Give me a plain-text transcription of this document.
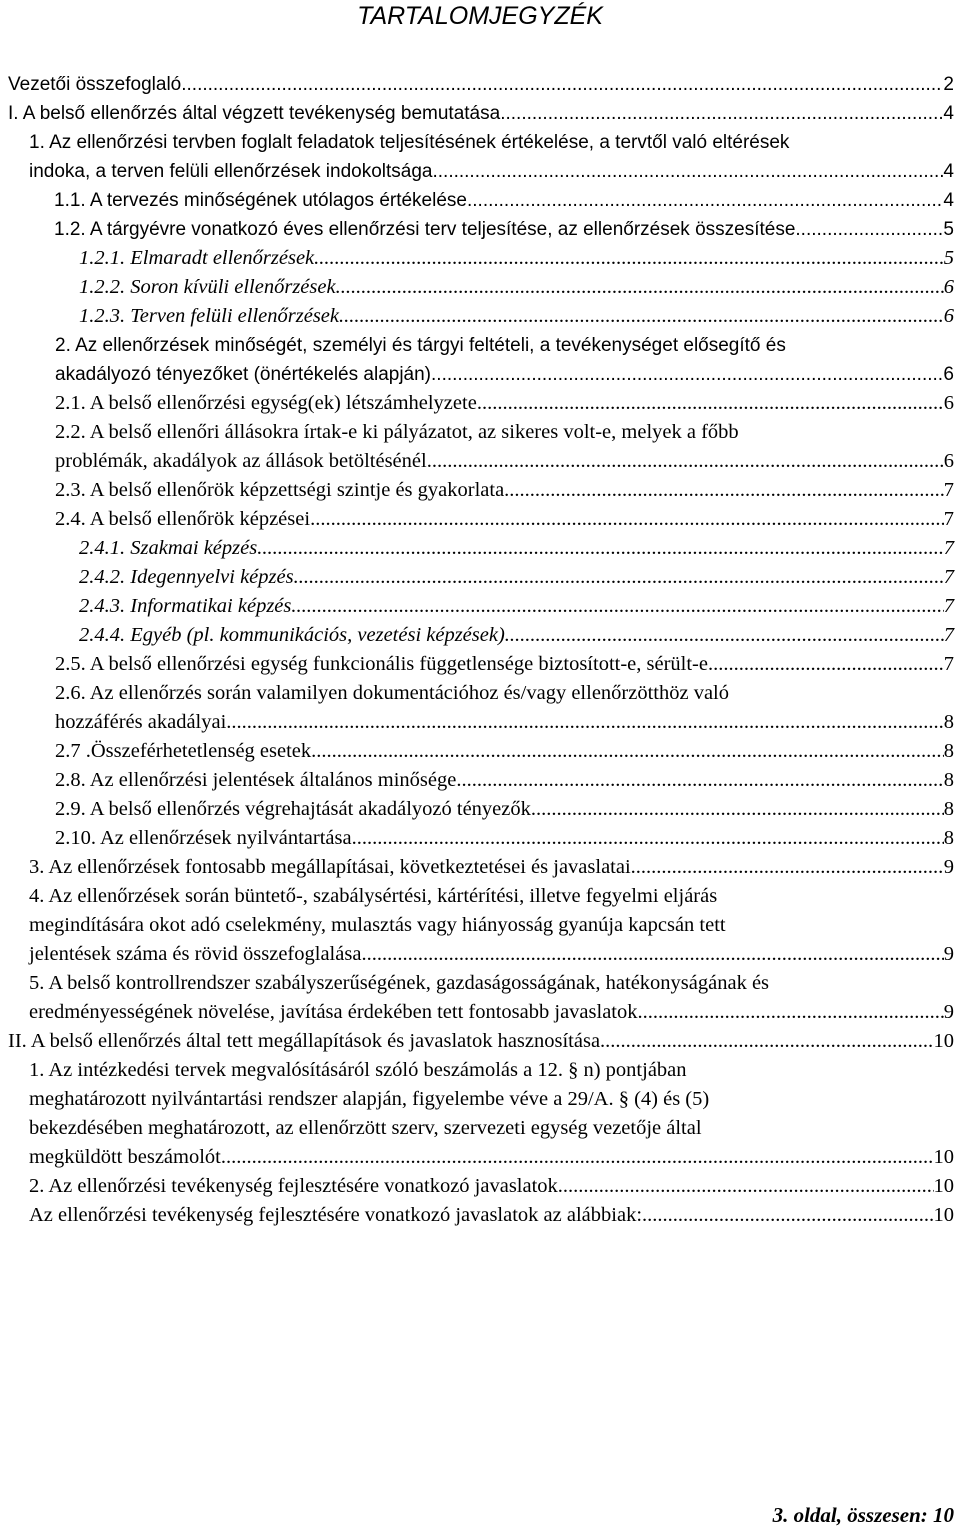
TARTALOMJEGYZÉK
Vezetői összefoglaló .....	2
I. A belső ellenőrzés által végzett tevékenység bemutatása .....	4
1. Az ellenőrzési tervben foglalt feladatok teljesítésének értékelése, a tervtől való eltérések
indoka, a terven felüli ellenőrzések indokoltsága .....	4
1.1. A tervezés minőségének utólagos értékelése .....	4
1.2. A tárgyévre vonatkozó éves ellenőrzési terv teljesítése, az ellenőrzések összesítése .....	5
1.2.1. Elmaradt ellenőrzések .....	5
1.2.2. Soron kívüli ellenőrzések .....	6
1.2.3. Terven felüli ellenőrzések .....	6
2. Az ellenőrzések minőségét, személyi és tárgyi feltételi, a tevékenységet elősegítő és
akadályozó tényezőket (önértékelés alapján) .....	6
2.1. A belső ellenőrzési egység(ek) létszámhelyzete .....	6
2.2. A belső ellenőri állásokra írtak-e ki pályázatot, az sikeres volt-e, melyek a főbb
problémák, akadályok az állások betöltésénél .....	6
2.3. A belső ellenőrök képzettségi szintje és gyakorlata .....	7
2.4. A belső ellenőrök képzései .....	7
2.4.1. Szakmai képzés .....	7
2.4.2. Idegennyelvi képzés .....	7
2.4.3. Informatikai képzés .....	7
2.4.4. Egyéb (pl. kommunikációs, vezetési képzések) .....	7
2.5. A belső ellenőrzési egység funkcionális függetlensége biztosított-e, sérült-e .....	7
2.6. Az ellenőrzés során valamilyen dokumentációhoz és/vagy ellenőrzötthöz való
hozzáférés akadályai .....	8
2.7 .Összeférhetetlenség esetek .....	8
2.8. Az ellenőrzési jelentések általános minősége .....	8
2.9. A belső ellenőrzés végrehajtását akadályozó tényezők .....	8
2.10. Az ellenőrzések nyilvántartása .....	8
3. Az ellenőrzések fontosabb megállapításai, következtetései és javaslatai .....	9
4. Az ellenőrzések során büntető-, szabálysértési, kártérítési, illetve fegyelmi eljárás
megindítására okot adó cselekmény, mulasztás vagy hiányosság gyanúja kapcsán tett
jelentések száma és rövid összefoglalása .....	9
5. A belső kontrollrendszer szabályszerűségének, gazdaságosságának, hatékonyságának és
eredményességének növelése, javítása érdekében tett fontosabb javaslatok .....	9
II. A belső ellenőrzés által tett megállapítások és javaslatok hasznosítása .....	10
1. Az intézkedési tervek megvalósításáról szóló beszámolás a 12. § n) pontjában
meghatározott nyilvántartási rendszer alapján, figyelembe véve a 29/A. § (4) és (5)
bekezdésében meghatározott, az ellenőrzött szerv, szervezeti egység vezetője által
megküldött beszámolót .....	10
2. Az ellenőrzési tevékenység fejlesztésére vonatkozó javaslatok .....	10
Az ellenőrzési tevékenység fejlesztésére vonatkozó javaslatok az alábbiak: .....	10
3. oldal, összesen: 10
